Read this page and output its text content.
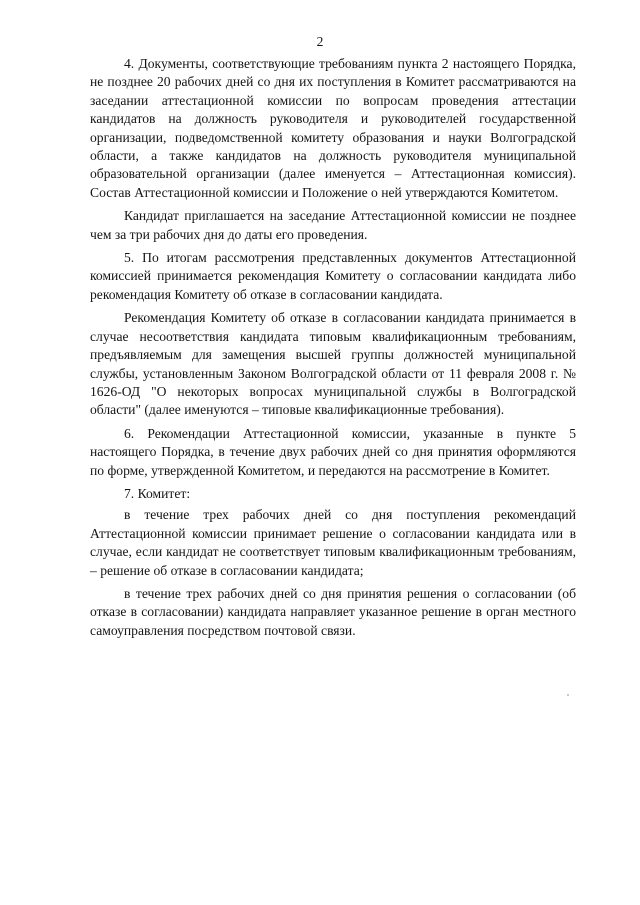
2

4. Документы, соответствующие требованиям пункта 2 настоящего Порядка, не позднее 20 рабочих дней со дня их поступления в Комитет рассматриваются на заседании аттестационной комиссии по вопросам проведения аттестации кандидатов на должность руководителя и руководителей государственной организации, подведомственной комитету образования и науки Волгоградской области, а также кандидатов на должность руководителя муниципальной образовательной организации (далее именуется – Аттестационная комиссия). Состав Аттестационной комиссии и Положение о ней утверждаются Комитетом.

Кандидат приглашается на заседание Аттестационной комиссии не позднее чем за три рабочих дня до даты его проведения.

5. По итогам рассмотрения представленных документов Аттестационной комиссией принимается рекомендация Комитету о согласовании кандидата либо рекомендация Комитету об отказе в согласовании кандидата.

Рекомендация Комитету об отказе в согласовании кандидата принимается в случае несоответствия кандидата типовым квалификационным требованиям, предъявляемым для замещения высшей группы должностей муниципальной службы, установленным Законом Волгоградской области от 11 февраля 2008 г. № 1626-ОД "О некоторых вопросах муниципальной службы в Волгоградской области" (далее именуются – типовые квалификационные требования).

6. Рекомендации Аттестационной комиссии, указанные в пункте 5 настоящего Порядка, в течение двух рабочих дней со дня принятия оформляются по форме, утвержденной Комитетом, и передаются на рассмотрение в Комитет.

7. Комитет:

в течение трех рабочих дней со дня поступления рекомендаций Аттестационной комиссии принимает решение о согласовании кандидата или в случае, если кандидат не соответствует типовым квалификационным требованиям, – решение об отказе в согласовании кандидата;

в течение трех рабочих дней со дня принятия решения о согласовании (об отказе в согласовании) кандидата направляет указанное решение в орган местного самоуправления посредством почтовой связи.
